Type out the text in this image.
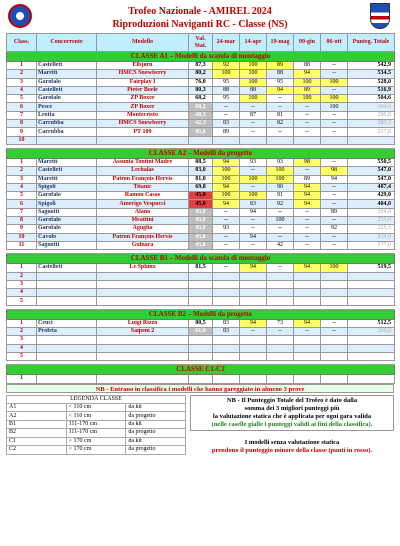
Trofeo Nazionale - AMIREL 2024
Riproduzioni Naviganti RC - Classe (NS)
Class.	Concorrente	Modello	Val. Stat.	24-mar	14-apr	19-mag	09-giu	06-ott	Punteg. Totale
CLASSE A1 – Modelli da scatola di montaggio									
1	Castellett	Elbjørn	87,3	92	100	89	88	--	542,9
2	Maretti	HMCS Snowberry	80,2	100	100	88	94	--	534,5
3	Garofalo	Fairplay I	76,0	95	100	95	100	100	528,0
4	Castellett	Pieter Boele	80,3	88	88	94	89	--	516,9
5	Garofalo	ZP Boxer	68,2	95	100	--	100	100	504,6
6	Pesce	ZP Boxer	68,2	--	--	--	--	100	304,6
7	Leotta	Montecristo	48,3	--	87	81	--	--	296,8
8	Carrubba	HMCS Snowberry	42,3	83	--	82	--	--	289,3
9	Carrubba	PT 109	45,8	89	--	--	--	--	217,8
10									

CLASSE A2 – Modelli da progetto									
1	Maretti	Assunta Tontini Madre	88,5	94	93	93	98	--	550,5
2	Castellett	Lechalas	83,0	100	--	100	--	98	547,0
3	Maretti	Patron François Hervis	81,0	100	100	100	89	94	547,0
4	Spigoli	Titanic	69,8	94	--	90	94	--	487,4
5	Garofalo	Ramon Casas	45,0	100	100	91	94	--	429,0
6	Spigoli	Amerigo Vespucci	45,0	94	83	92	94	--	404,0
7	Sagnotti	Alano	45,0	--	94	--	--	89	354,0
8	Garofalo	Meattini	45,0	--	--	100	--	--	235,0
9	Garofalo	Aguglia	45,0	93	--	--	--	92	325,3
10	Cavolo	Patron François Hervis	45,0	--	94	--	--	--	234,0
11	Sagnotti	Gulnara	45,0	--	--	42	--	--	177,0

CLASSE B1 – Modelli da scatola di montaggio									
1	Castellett	Le Sphinx	81,5	--	94	--	94	100	519,5
2									
3									
4									
5									

CLASSE B2 – Modelli da progetto									
1	Ceuci	Luigi Rizzo	80,5	83	94	73	94	--	512,5
2	Profeta	Saipem 2	61,0	83	--	--	--	--	266,0
3									
4									
5									

CLASSE C1-C2									
1									
NB - Entrano in classifica i modelli che hanno gareggiato in almeno 3 prove
LEGENDA CLASSE		
A1	< 110 cm	da kit
A2	< 110 cm	da progetto
B1	111-170 cm	da kit
B2	111-170 cm	da progetto
C1	> 170 cm	da kit
C2	> 170 cm	da progetto
NB - Il Punteggio Totale del Trofeo è dato dalla
somma dei 3 migliori punteggi più
la valutazione statica che è applicata per ogni gara valida
(nelle caselle gialle i punteggi validi ai fini della classifica).
I modelli senza valutazione statica
prendono il punteggio minore della classe (punti in rosso).
